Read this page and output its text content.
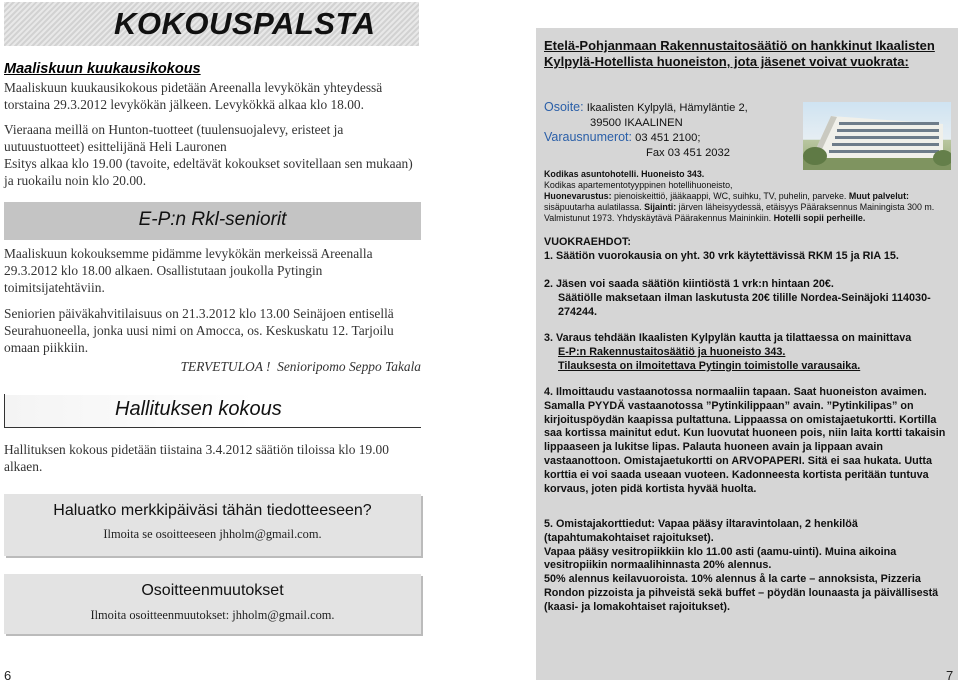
KOKOUSPALSTA
Maaliskuun kuukausikokous

Maaliskuun kuukausikokous pidetään Areenalla levykökän yhteydessä torstaina 29.3.2012 levykökän jälkeen. Levykökkä alkaa klo 18.00.

Vieraana meillä on Hunton-tuotteet (tuulensuojalevy, eristeet ja uutuustuotteet) esittelijänä Heli Lauronen

Esitys alkaa klo 19.00 (tavoite, edeltävät kokoukset sovitellaan sen mukaan) ja ruokailu noin klo 20.00.

E-P:n Rkl-seniorit

Maaliskuun kokouksemme pidämme levykökän merkeissä Areenalla 29.3.2012 klo 18.00 alkaen. Osallistutaan joukolla Pytingin toimitsijatehtäviin.

Seniorien päiväkahvitilaisuus on 21.3.2012 klo 13.00 Seinäjoen entisellä Seurahuoneella, jonka uusi nimi on Amocca, os. Keskuskatu 12. Tarjoilu omaan piikkiin.

TERVETULOA ! Senioripomo Seppo Takala
Hallituksen kokous

Hallituksen kokous pidetään tiistaina 3.4.2012 säätiön tiloissa klo 19.00 alkaen.

Haluatko merkkipäiväsi tähän tiedotteeseen?
Ilmoita se osoitteeseen jhholm@gmail.com.
Osoitteenmuutokset
Ilmoita osoitteenmuutokset: jhholm@gmail.com.
6
Etelä-Pohjanmaan Rakennustaitosäätiö on hankkinut Ikaalisten Kylpylä-Hotellista huoneiston, jota jäsenet voivat vuokrata:
Osoite: Ikaalisten Kylpylä, Hämyläntie 2,
39500 IKAALINEN
Varausnumerot: 03 451 2100;
Fax 03 451 2032
Kodikas asuntohotelli. Huoneisto 343.
Kodikas apartementotyyppinen hotellihuoneisto,
Huonevarustus: pienoiskeittiö, jääkaappi, WC, suihku, TV, puhelin, parveke. Muut palvelut:
sisäpuutarha aulatilassa. Sijainti: järven läheisyydessä, etäisyys Pääraksennus Mainingista 300 m. Valmistunut 1973. Yhdyskäytävä Päärakennus Maininkiin. Hotelli sopii perheille.
VUOKRAEHDOT:
1. Säätiön vuorokausia on yht. 30 vrk käytettävissä RKM 15 ja RIA 15.
2. Jäsen voi saada säätiön kiintiöstä 1 vrk:n hintaan 20€.
Säätiölle maksetaan ilman laskutusta 20€ tilille Nordea-Seinäjoki 114030-274244.
3. Varaus tehdään Ikaalisten Kylpylän kautta ja tilattaessa on mainittava
E-P:n Rakennustaitosäätiö ja huoneisto 343.
Tilauksesta on ilmoitettava Pytingin toimistolle varausaika.
4. Ilmoittaudu vastaanotossa normaaliin tapaan. Saat huoneiston avaimen. Samalla PYYDÄ vastaanotossa ”Pytinkilippaan” avain. ”Pytinkilipas” on kirjoituspöydän kaapissa pultattuna. Lippaassa on omistajaetukortti. Kortilla saa kortissa mainitut edut. Kun luovutat huoneen pois, niin laita kortti takaisin lippaaseen ja lukitse lipas. Palauta huoneen avain ja lippaan avain vastaanottoon. Omistajaetukortti on ARVOPAPERI. Sitä ei saa hukata. Uutta korttia ei voi saada useaan vuoteen. Kadonneesta kortista peritään tuntuva korvaus, joten pidä kortista hyvää huolta.
5. Omistajakorttiedut: Vapaa pääsy iltaravintolaan, 2 henkilöä (tapahtumakohtaiset rajoitukset).
Vapaa pääsy vesitropiikkiin klo 11.00 asti (aamu-uinti). Muina aikoina vesitropiikin normaalihinnasta 20% alennus.
50% alennus keilavuoroista. 10% alennus å la carte – annoksista, Pizzeria Rondon pizzoista ja pihveistä sekä buffet – pöydän lounaasta ja päivällisestä (kaasi- ja lomakohtaiset rajoitukset).
7
